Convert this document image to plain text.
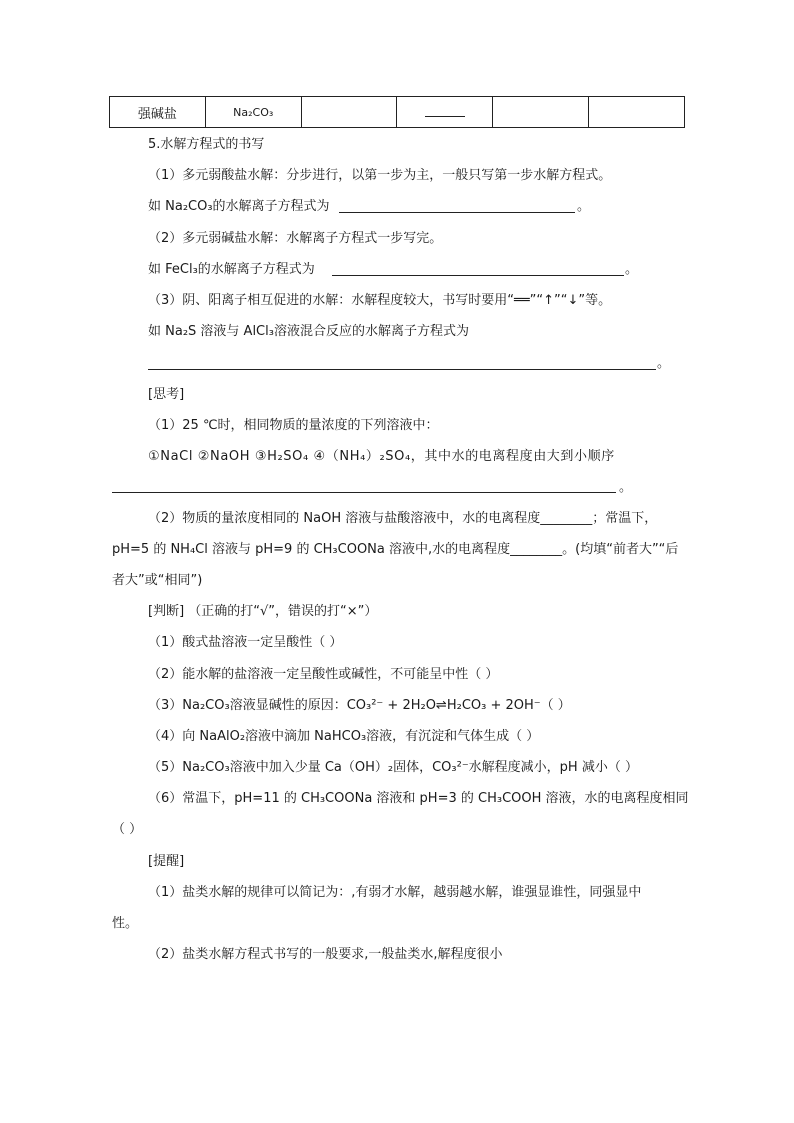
强碱盐	Na₂CO₃				
5.水解方程式的书写
（1）多元弱酸盐水解：分步进行，以第一步为主，一般只写第一步水解方程式。
如 Na₂CO₃的水解离子方程式为	。
（2）多元弱碱盐水解：水解离子方程式一步写完。
如 FeCl₃的水解离子方程式为	。
（3）阴、阳离子相互促进的水解：水解程度较大，书写时要用“══”“↑”“↓”等。
如 Na₂S 溶液与 AlCl₃溶液混合反应的水解离子方程式为
。
[思考]
（1）25 ℃时，相同物质的量浓度的下列溶液中：
①NaCl ②NaOH ③H₂SO₄ ④（NH₄）₂SO₄，其中水的电离程度由大到小顺序
。
（2）物质的量浓度相同的 NaOH 溶液与盐酸溶液中，水的电离程度________；常温下，
pH=5 的 NH₄Cl 溶液与 pH=9 的 CH₃COONa 溶液中,水的电离程度________。(均填“前者大”“后
者大”或“相同”)
[判断] （正确的打“√”，错误的打“×”）
（1）酸式盐溶液一定呈酸性（ ）
（2）能水解的盐溶液一定呈酸性或碱性，不可能呈中性（ ）
（3）Na₂CO₃溶液显碱性的原因：CO₃²⁻ + 2H₂O⇌H₂CO₃ + 2OH⁻（ ）
（4）向 NaAlO₂溶液中滴加 NaHCO₃溶液，有沉淀和气体生成（ ）
（5）Na₂CO₃溶液中加入少量 Ca（OH）₂固体，CO₃²⁻水解程度减小，pH 减小（ ）
（6）常温下，pH=11 的 CH₃COONa 溶液和 pH=3 的 CH₃COOH 溶液，水的电离程度相同
（ ）
[提醒]
（1）盐类水解的规律可以简记为：,有弱才水解，越弱越水解，谁强显谁性，同强显中
性。
（2）盐类水解方程式书写的一般要求,一般盐类水,解程度很小
